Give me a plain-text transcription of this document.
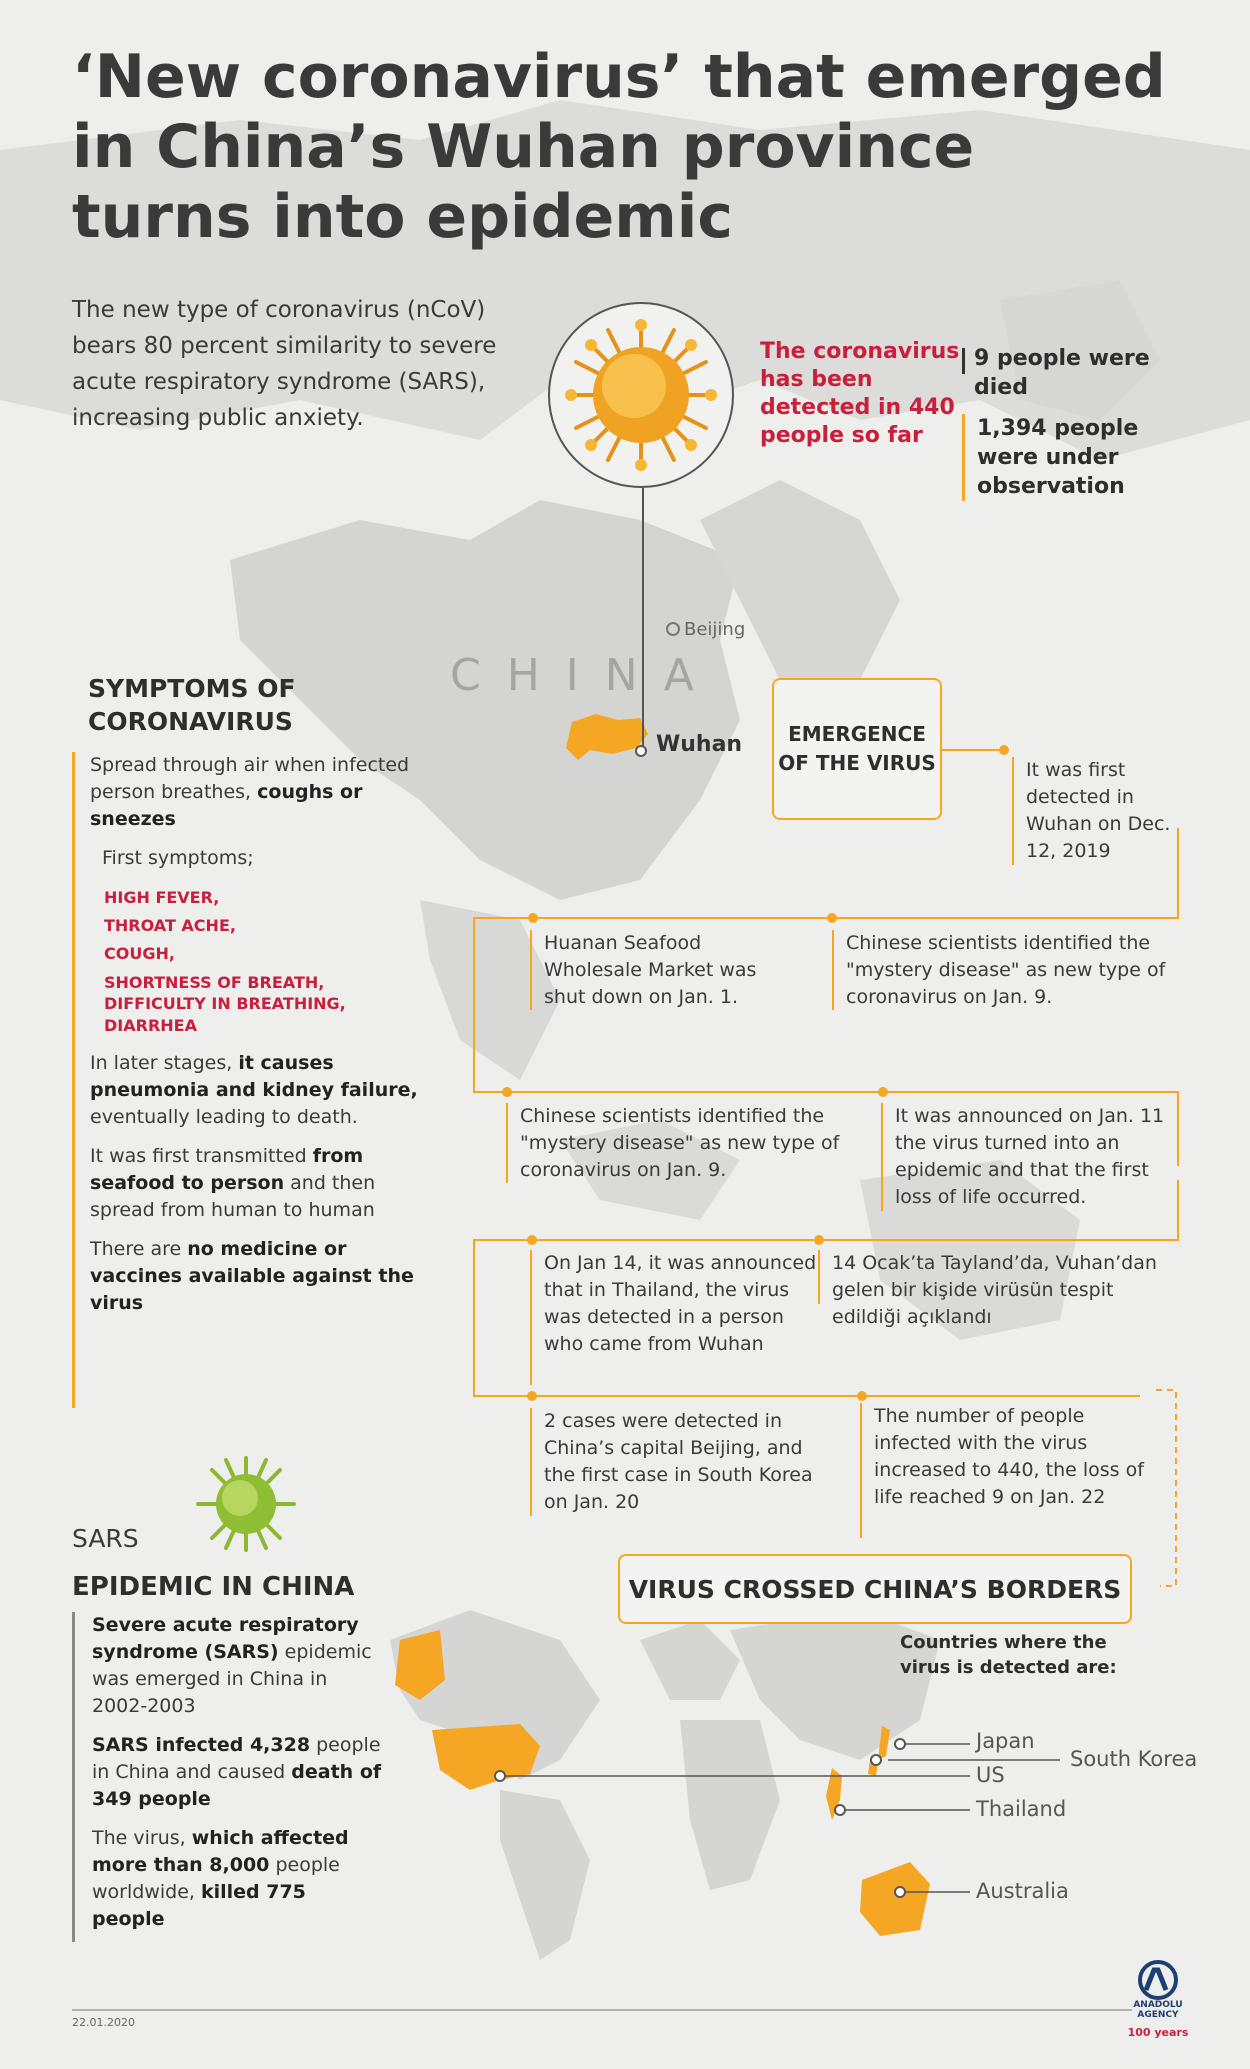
‘New coronavirus’ that emerged in China’s Wuhan province turns into epidemic
The new type of coronavirus (nCoV) bears 80 percent similarity to severe acute respiratory syndrome (SARS), increasing public anxiety.
The coronavirus has been detected in 440 people so far
9 people were died
1,394 people were under observation
CHINA
Beijing
Wuhan
SYMPTOMS OF CORONAVIRUS

Spread through air when infected person breathes, coughs or sneezes

First symptoms;

HIGH FEVER,
THROAT ACHE,
COUGH,
SHORTNESS OF BREATH, DIFFICULTY IN BREATHING,
DIARRHEA

In later stages, it causes pneumonia and kidney failure, eventually leading to death.

It was first transmitted from seafood to person and then spread from human to human

There are no medicine or vaccines available against the virus

EMERGENCE OF THE VIRUS	It was first detected in Wuhan on Dec. 12, 2019
Huanan Seafood Wholesale Market was shut down on Jan. 1.
Chinese scientists identified the "mystery disease" as new type of coronavirus on Jan. 9.
Chinese scientists identified the "mystery disease" as new type of coronavirus on Jan. 9.
It was announced on Jan. 11 the virus turned into an epidemic and that the first loss of life occurred.
On Jan 14, it was announced that in Thailand, the virus was detected in a person who came from Wuhan
14 Ocak’ta Tayland’da, Vuhan’dan gelen bir kişide virüsün tespit edildiği açıklandı
2 cases were detected in China’s capital Beijing, and the first case in South Korea on Jan. 20
The number of people infected with the virus increased to 440, the loss of life reached 9 on Jan. 22
SARS
EPIDEMIC IN CHINA

Severe acute respiratory syndrome (SARS) epidemic was emerged in China in 2002-2003

SARS infected 4,328 people in China and caused death of 349 people

The virus, which affected more than 8,000 people worldwide, killed 775 people

VIRUS CROSSED CHINA’S BORDERS
Countries where the virus is detected are:
Japan
South Korea
US
Thailand
Australia
22.01.2020
ANADOLU AGENCY
100 years
